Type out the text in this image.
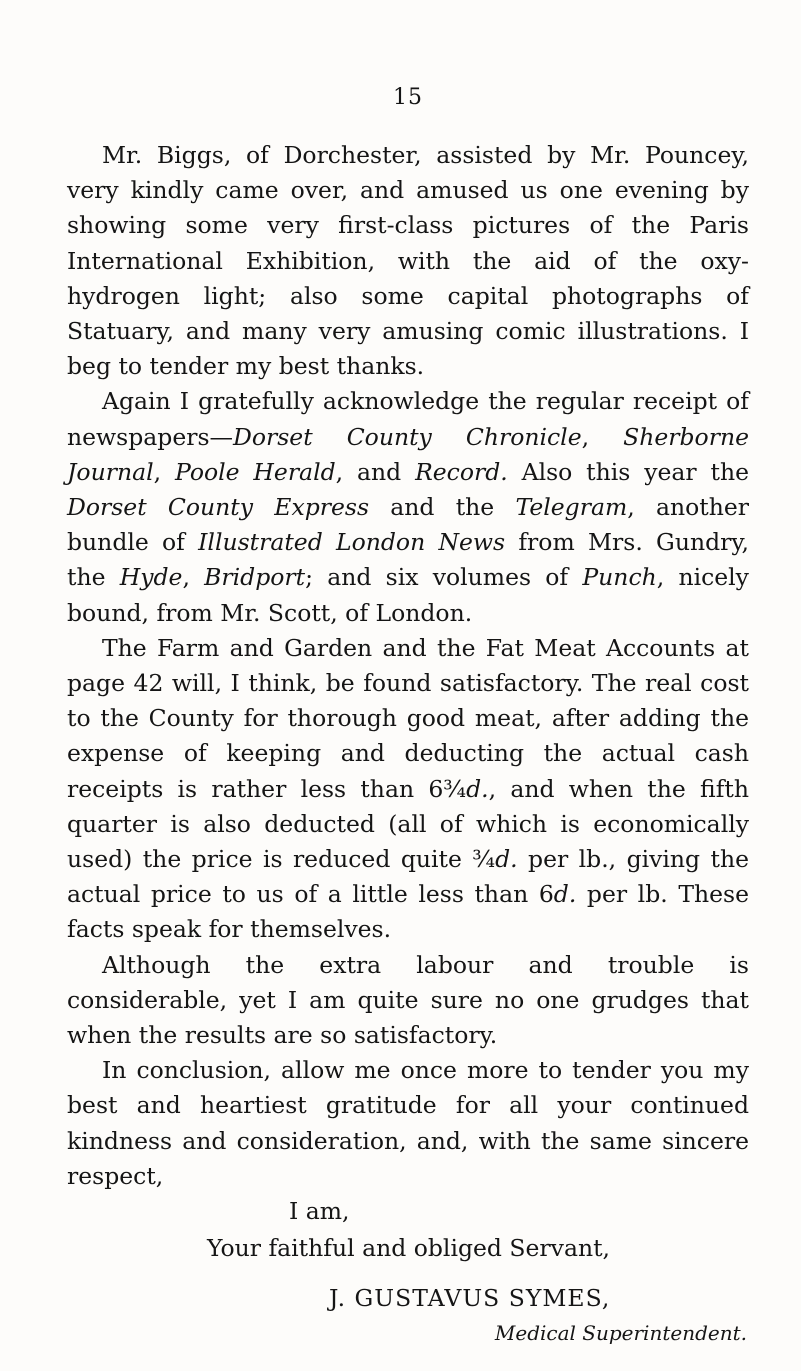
15

Mr. Biggs, of Dorchester, assisted by Mr. Pouncey, very kindly came over, and amused us one evening by showing some very first-class pictures of the Paris International Exhibition, with the aid of the oxy-hydrogen light; also some capital photographs of Statuary, and many very amusing comic illustrations. I beg to tender my best thanks.

Again I gratefully acknowledge the regular receipt of newspapers—Dorset County Chronicle, Sherborne Journal, Poole Herald, and Record. Also this year the Dorset County Express and the Telegram, another bundle of Illustrated London News from Mrs. Gundry, the Hyde, Bridport; and six volumes of Punch, nicely bound, from Mr. Scott, of London.

The Farm and Garden and the Fat Meat Accounts at page 42 will, I think, be found satisfactory. The real cost to the County for thorough good meat, after adding the expense of keeping and deducting the actual cash receipts is rather less than 6¾d., and when the fifth quarter is also deducted (all of which is economically used) the price is reduced quite ¾d. per lb., giving the actual price to us of a little less than 6d. per lb. These facts speak for themselves.

Although the extra labour and trouble is considerable, yet I am quite sure no one grudges that when the results are so satisfactory.

In conclusion, allow me once more to tender you my best and heartiest gratitude for all your continued kindness and consideration, and, with the same sincere respect,

I am,
Your faithful and obliged Servant,
J. GUSTAVUS SYMES,
Medical Superintendent.
